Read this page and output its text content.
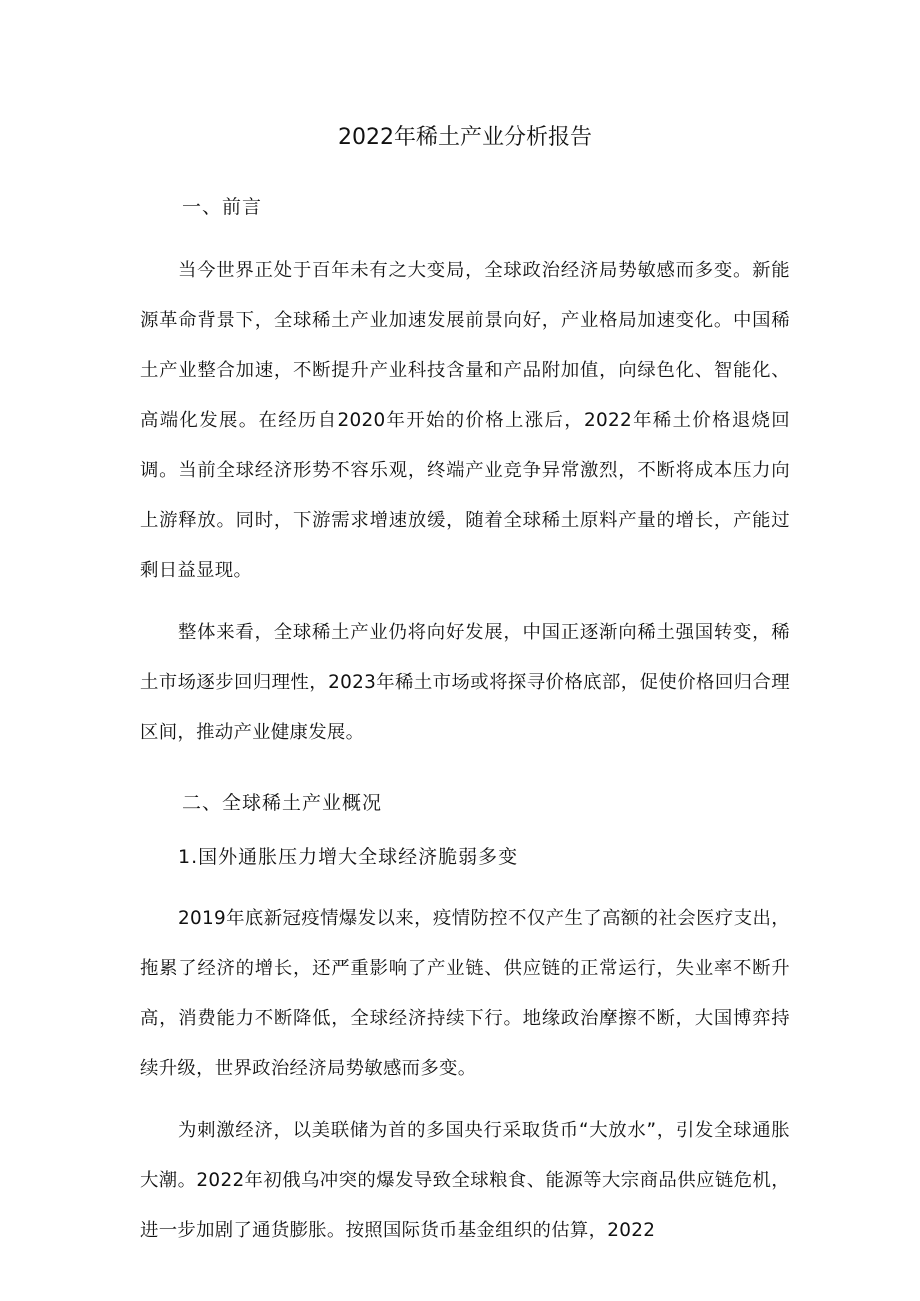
2022年稀土产业分析报告
一、前言

当今世界正处于百年未有之大变局，全球政治经济局势敏感而多变。新能源革命背景下，全球稀土产业加速发展前景向好，产业格局加速变化。中国稀土产业整合加速，不断提升产业科技含量和产品附加值，向绿色化、智能化、高端化发展。在经历自2020年开始的价格上涨后，2022年稀土价格退烧回调。当前全球经济形势不容乐观，终端产业竞争异常激烈，不断将成本压力向上游释放。同时，下游需求增速放缓，随着全球稀土原料产量的增长，产能过剩日益显现。

整体来看，全球稀土产业仍将向好发展，中国正逐渐向稀土强国转变，稀土市场逐步回归理性，2023年稀土市场或将探寻价格底部，促使价格回归合理区间，推动产业健康发展。

二、全球稀土产业概况
1.国外通胀压力增大全球经济脆弱多变

2019年底新冠疫情爆发以来，疫情防控不仅产生了高额的社会医疗支出，拖累了经济的增长，还严重影响了产业链、供应链的正常运行，失业率不断升高，消费能力不断降低，全球经济持续下行。地缘政治摩擦不断，大国博弈持续升级，世界政治经济局势敏感而多变。

为刺激经济，以美联储为首的多国央行采取货币“大放水”，引发全球通胀大潮。2022年初俄乌冲突的爆发导致全球粮食、能源等大宗商品供应链危机，进一步加剧了通货膨胀。按照国际货币基金组织的估算，2022
